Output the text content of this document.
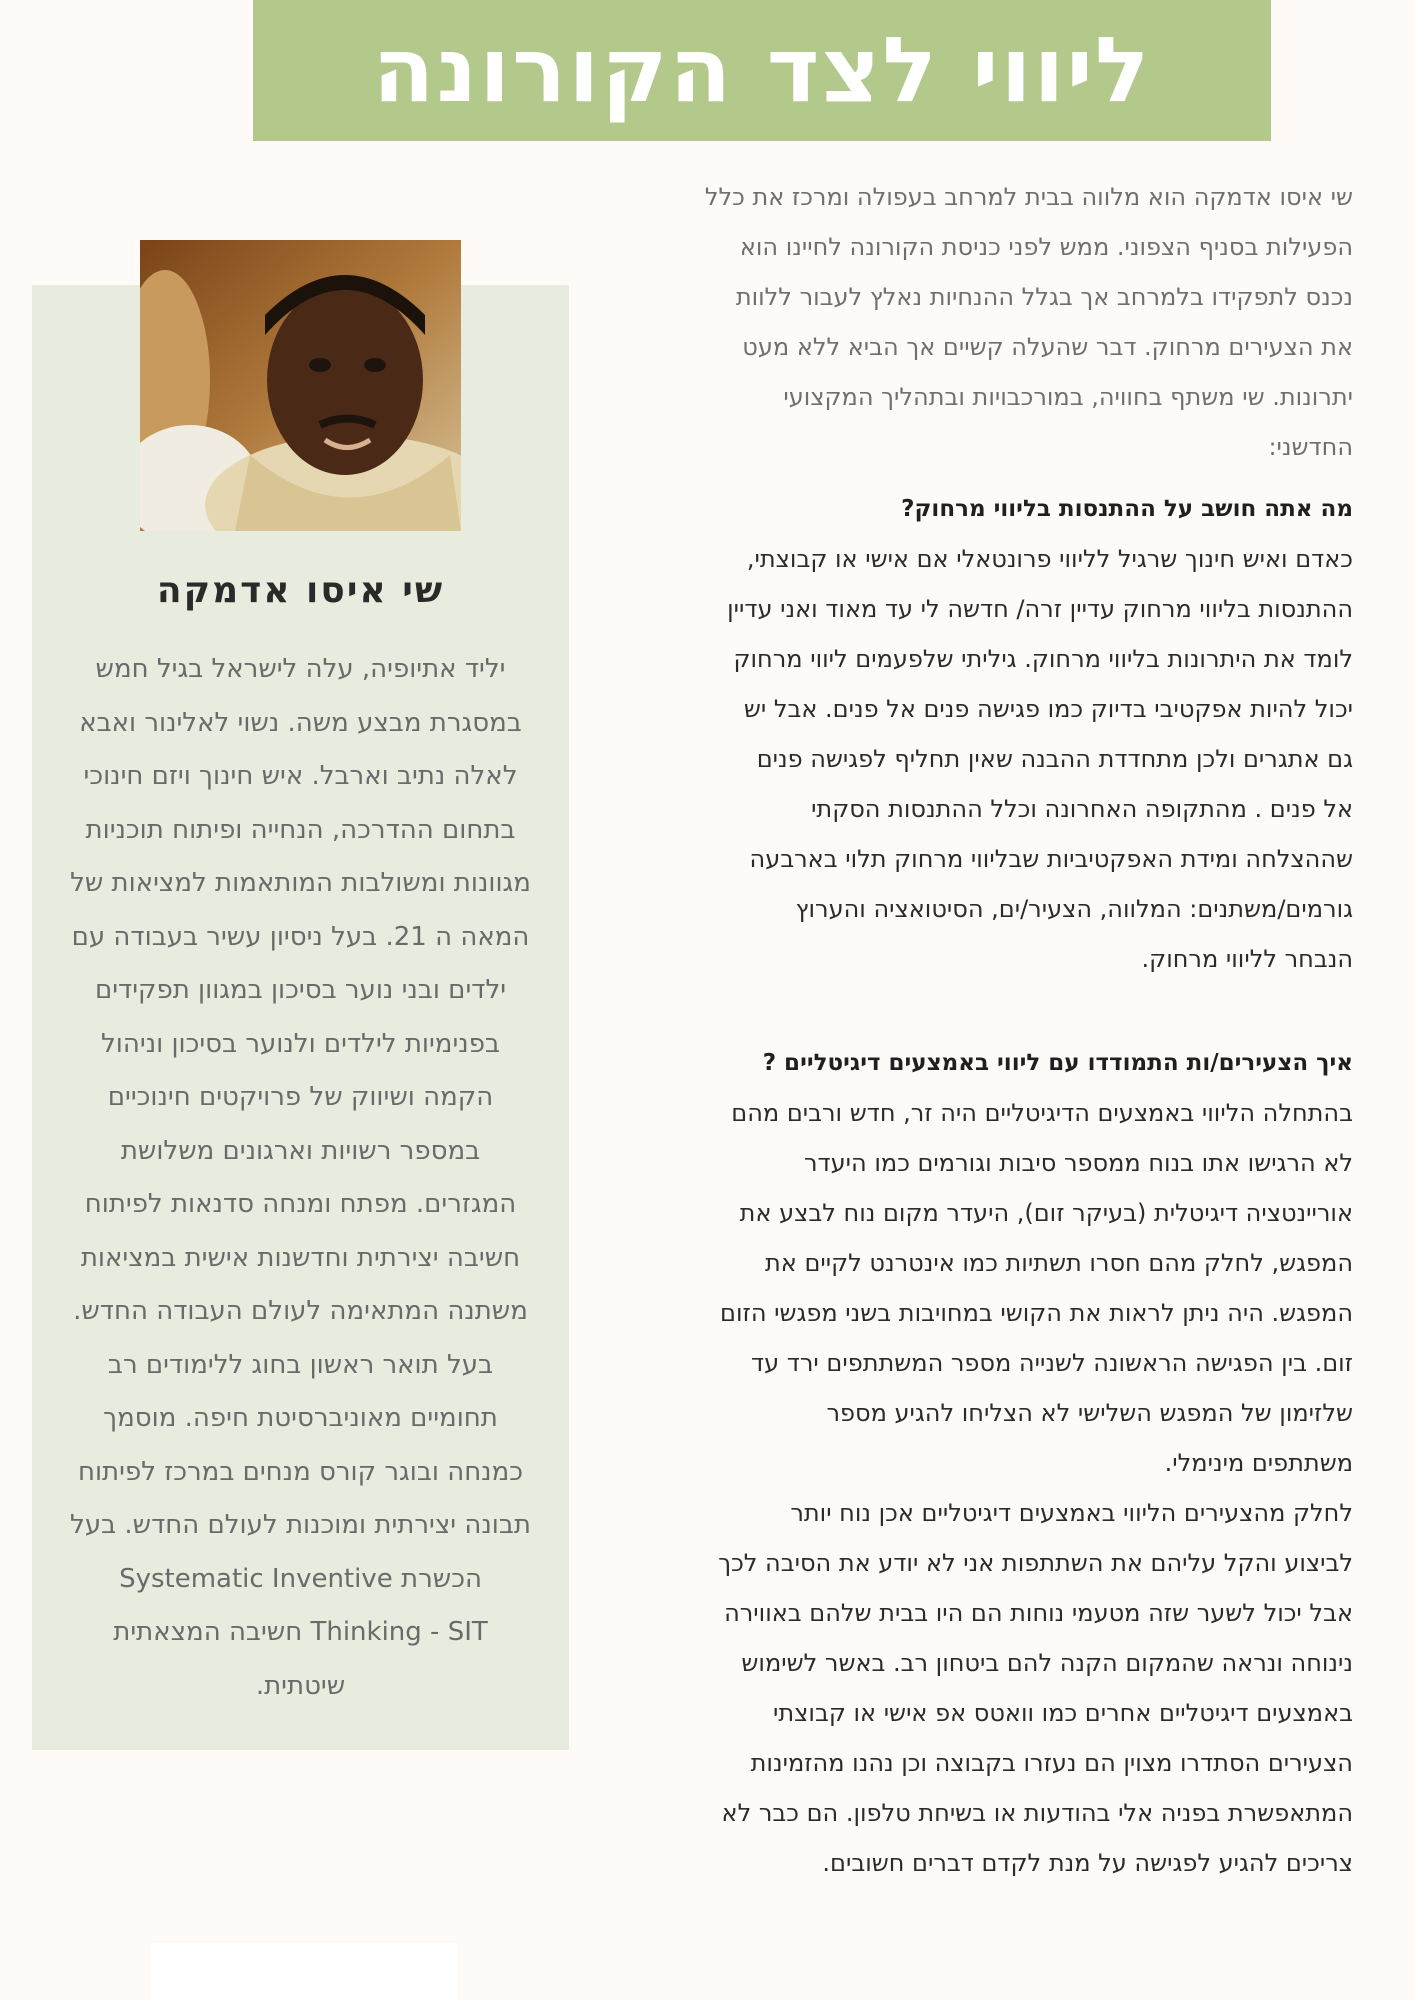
ליווי לצד הקורונה

שי איסו אדמקה הוא מלווה בבית למרחב בעפולה ומרכז את כלל

הפעילות בסניף הצפוני. ממש לפני כניסת הקורונה לחיינו הוא

נכנס לתפקידו בלמרחב אך בגלל ההנחיות נאלץ לעבור ללוות

את הצעירים מרחוק. דבר שהעלה קשיים אך הביא ללא מעט

יתרונות. שי משתף בחוויה, במורכבויות ובתהליך המקצועי

החדשני:

מה אתה חושב על ההתנסות בליווי מרחוק?

כאדם ואיש חינוך שרגיל לליווי פרונטאלי אם אישי או קבוצתי,

ההתנסות בליווי מרחוק עדיין זרה/ חדשה לי עד מאוד ואני עדיין

לומד את היתרונות בליווי מרחוק. גיליתי שלפעמים ליווי מרחוק

יכול להיות אפקטיבי בדיוק כמו פגישה פנים אל פנים. אבל יש

גם אתגרים ולכן מתחדדת ההבנה שאין תחליף לפגישה פנים

אל פנים . מהתקופה האחרונה וכלל ההתנסות הסקתי

שההצלחה ומידת האפקטיביות שבליווי מרחוק תלוי בארבעה

גורמים/משתנים: המלווה, הצעיר/ים, הסיטואציה והערוץ

הנבחר לליווי מרחוק.

איך הצעירים/ות התמודדו עם ליווי באמצעים דיגיטליים ?

בהתחלה הליווי באמצעים הדיגיטליים היה זר, חדש ורבים מהם

לא הרגישו אתו בנוח ממספר סיבות וגורמים כמו היעדר

אוריינטציה דיגיטלית (בעיקר זום), היעדר מקום נוח לבצע את

המפגש, לחלק מהם חסרו תשתיות כמו אינטרנט לקיים את

המפגש. היה ניתן לראות את הקושי במחויבות בשני מפגשי הזום

זום. בין הפגישה הראשונה לשנייה מספר המשתתפים ירד עד

שלזימון של המפגש השלישי לא הצליחו להגיע מספר

משתתפים מינימלי.

לחלק מהצעירים הליווי באמצעים דיגיטליים אכן נוח יותר

לביצוע והקל עליהם את השתתפות אני לא יודע את הסיבה לכך

אבל יכול לשער שזה מטעמי נוחות הם היו בבית שלהם באווירה

נינוחה ונראה שהמקום הקנה להם ביטחון רב. באשר לשימוש

באמצעים דיגיטליים אחרים כמו וואטס אפ אישי או קבוצתי

הצעירים הסתדרו מצוין הם נעזרו בקבוצה וכן נהנו מהזמינות

המתאפשרת בפניה אלי בהודעות או בשיחת טלפון. הם כבר לא

צריכים להגיע לפגישה על מנת לקדם דברים חשובים.

שי איסו אדמקה

יליד אתיופיה, עלה לישראל בגיל חמש

במסגרת מבצע משה. נשוי לאלינור ואבא

לאלה נתיב וארבל. איש חינוך ויזם חינוכי

בתחום ההדרכה, הנחייה ופיתוח תוכניות

מגוונות ומשולבות המותאמות למציאות של

המאה ה 21. בעל ניסיון עשיר בעבודה עם

ילדים ובני נוער בסיכון במגוון תפקידים

בפנימיות לילדים ולנוער בסיכון וניהול

הקמה ושיווק של פרויקטים חינוכיים

במספר רשויות וארגונים משלושת

המגזרים. מפתח ומנחה סדנאות לפיתוח

חשיבה יצירתית וחדשנות אישית במציאות

משתנה המתאימה לעולם העבודה החדש.

בעל תואר ראשון בחוג ללימודים רב

תחומיים מאוניברסיטת חיפה. מוסמך

כמנחה ובוגר קורס מנחים במרכז לפיתוח

תבונה יצירתית ומוכנות לעולם החדש. בעל

הכשרת Systematic Inventive

Thinking - SIT חשיבה המצאתית

שיטתית.
